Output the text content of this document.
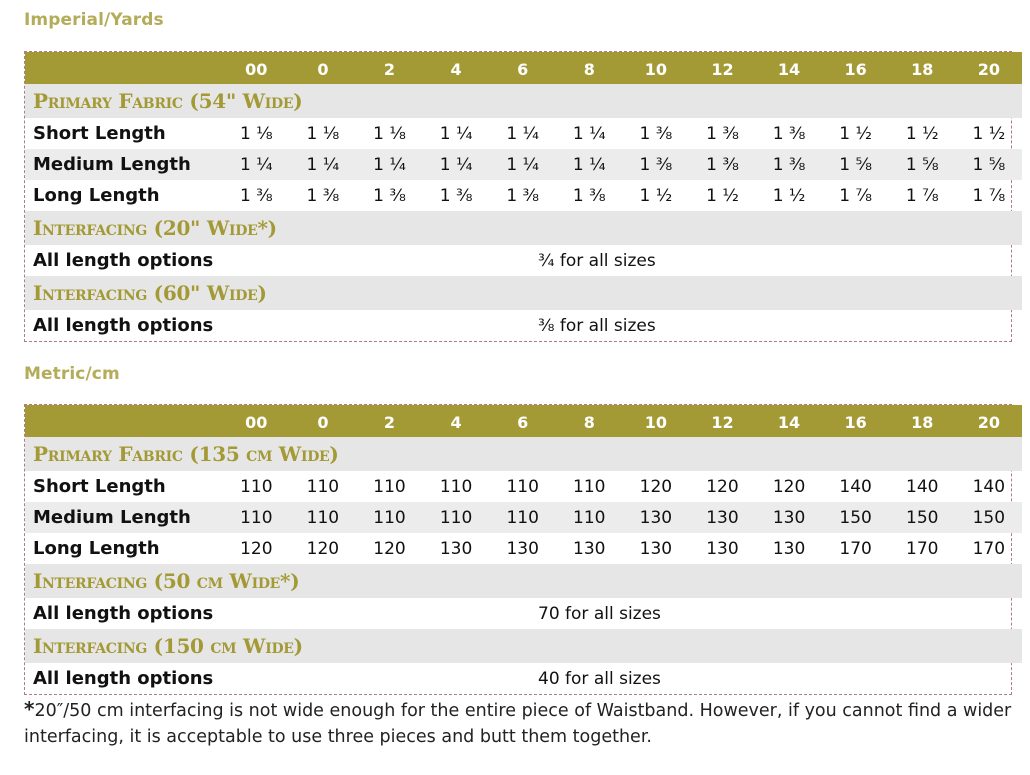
Imperial/Yards
	00	0	2	4	6	8	10	12	14	16	18	20
Primary Fabric (54" Wide)												
Short Length	1 ⅛	1 ⅛	1 ⅛	1 ¼	1 ¼	1 ¼	1 ⅜	1 ⅜	1 ⅜	1 ½	1 ½	1 ½
Medium Length	1 ¼	1 ¼	1 ¼	1 ¼	1 ¼	1 ¼	1 ⅜	1 ⅜	1 ⅜	1 ⅝	1 ⅝	1 ⅝
Long Length	1 ⅜	1 ⅜	1 ⅜	1 ⅜	1 ⅜	1 ⅜	1 ½	1 ½	1 ½	1 ⅞	1 ⅞	1 ⅞
Interfacing (20" Wide*)												
All length options	¾ for all sizes											
Interfacing (60" Wide)												
All length options	⅜ for all sizes											
Metric/cm
	00	0	2	4	6	8	10	12	14	16	18	20
Primary Fabric (135 cm Wide)												
Short Length	110	110	110	110	110	110	120	120	120	140	140	140
Medium Length	110	110	110	110	110	110	130	130	130	150	150	150
Long Length	120	120	120	130	130	130	130	130	130	170	170	170
Interfacing (50 cm Wide*)												
All length options	70 for all sizes											
Interfacing (150 cm Wide)												
All length options	40 for all sizes											

*20″/50 cm interfacing is not wide enough for the entire piece of Waistband. However, if you cannot find a wider interfacing, it is acceptable to use three pieces and butt them together.
